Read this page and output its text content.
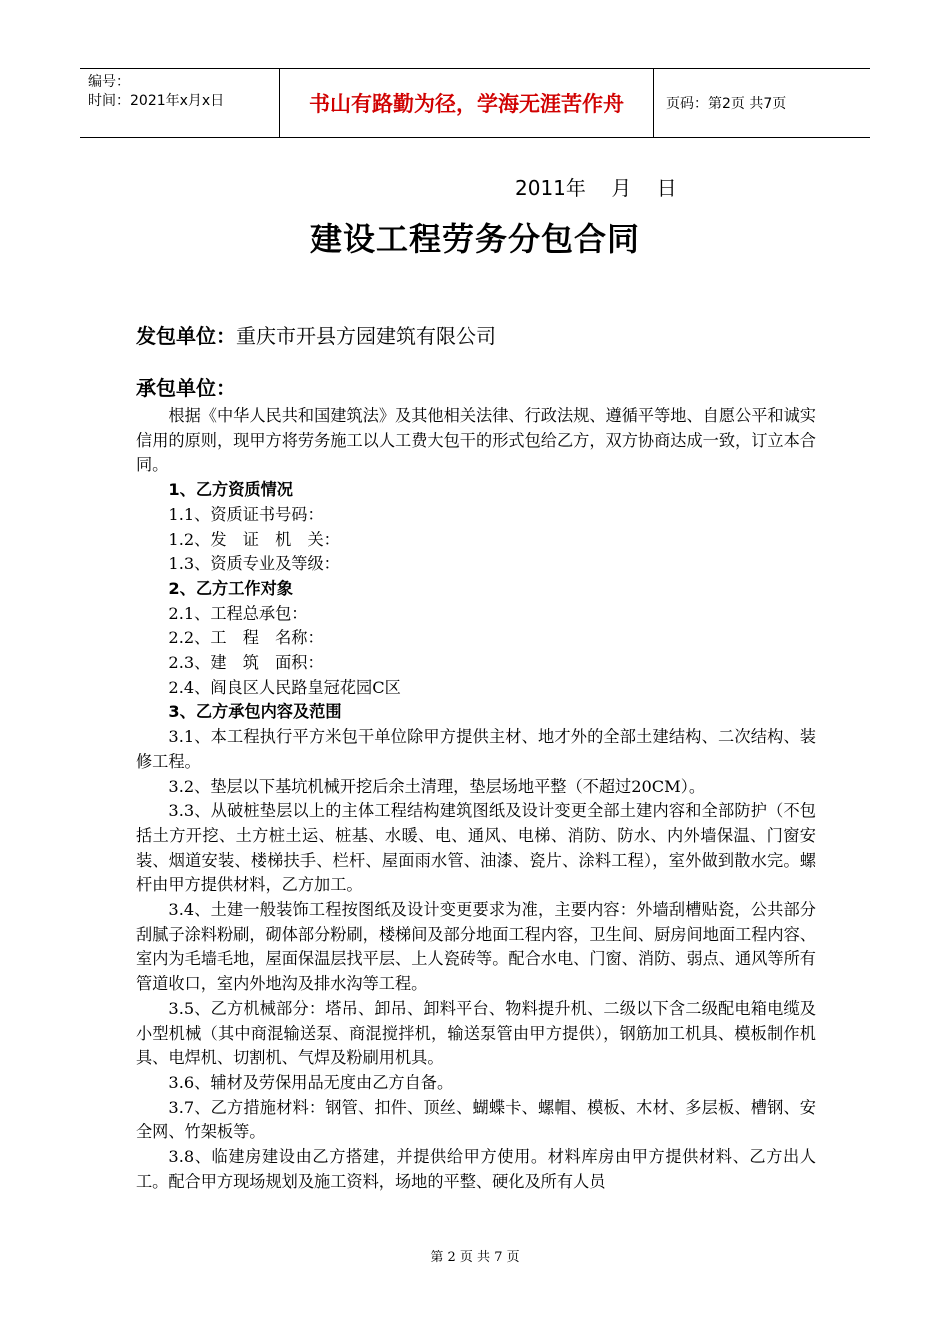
编号：
时间：2021年x月x日	书山有路勤为径，学海无涯苦作舟	页码：第2页 共7页
2011年    月    日
建设工程劳务分包合同
发包单位：重庆市开县方园建筑有限公司
承包单位：

根据《中华人民共和国建筑法》及其他相关法律、行政法规、遵循平等地、自愿公平和诚实信用的原则，现甲方将劳务施工以人工费大包干的形式包给乙方，双方协商达成一致，订立本合同。

1、乙方资质情况

1.1、资质证书号码：

1.2、发　证　机　关：

1.3、资质专业及等级：

2、乙方工作对象

2.1、工程总承包：

2.2、工　程　名称：

2.3、建　筑　面积：

2.4、阎良区人民路皇冠花园C区

3、乙方承包内容及范围

3.1、本工程执行平方米包干单位除甲方提供主材、地才外的全部土建结构、二次结构、装修工程。

3.2、垫层以下基坑机械开挖后余土清理，垫层场地平整（不超过20CM）。

3.3、从破桩垫层以上的主体工程结构建筑图纸及设计变更全部土建内容和全部防护（不包括土方开挖、土方桩土运、桩基、水暖、电、通风、电梯、消防、防水、内外墙保温、门窗安装、烟道安装、楼梯扶手、栏杆、屋面雨水管、油漆、瓷片、涂料工程），室外做到散水完。螺杆由甲方提供材料，乙方加工。

3.4、土建一般装饰工程按图纸及设计变更要求为准，主要内容：外墙刮槽贴瓷，公共部分刮腻子涂料粉刷，砌体部分粉刷，楼梯间及部分地面工程内容，卫生间、厨房间地面工程内容、室内为毛墙毛地，屋面保温层找平层、上人瓷砖等。配合水电、门窗、消防、弱点、通风等所有管道收口，室内外地沟及排水沟等工程。

3.5、乙方机械部分：塔吊、卸吊、卸料平台、物料提升机、二级以下含二级配电箱电缆及小型机械（其中商混输送泵、商混搅拌机，输送泵管由甲方提供），钢筋加工机具、模板制作机具、电焊机、切割机、气焊及粉刷用机具。

3.6、辅材及劳保用品无度由乙方自备。

3.7、乙方措施材料：钢管、扣件、顶丝、蝴蝶卡、螺帽、模板、木材、多层板、槽钢、安全网、竹架板等。

3.8、临建房建设由乙方搭建，并提供给甲方使用。材料库房由甲方提供材料、乙方出人工。配合甲方现场规划及施工资料，场地的平整、硬化及所有人员

第 2 页 共 7 页
